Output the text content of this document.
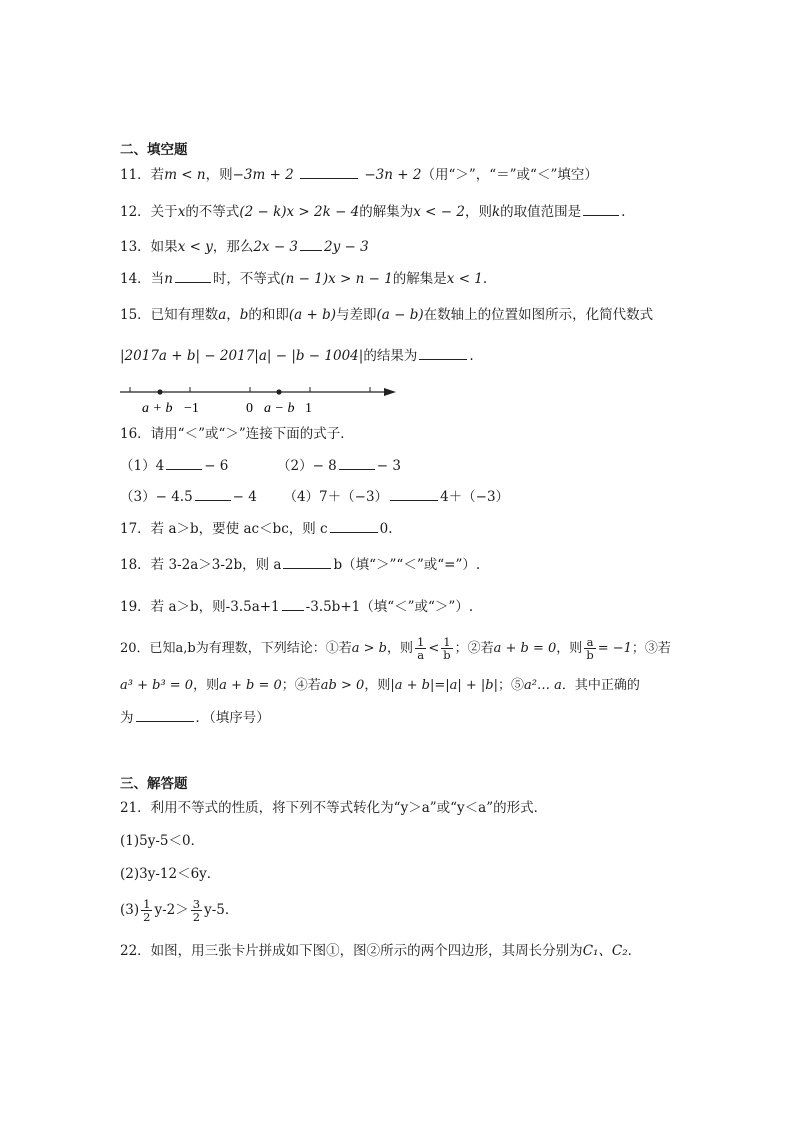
二、填空题
11．若m < n，则−3m + 2	−3n + 2（用“＞”，“＝”或“＜”填空）
12．关于x的不等式(2 − k)x > 2k − 4的解集为x < − 2，则k的取值范围是	.
13．如果x < y，那么2x − 3 2y − 3
14．当n	时，不等式(n − 1)x > n − 1的解集是x < 1.
15．已知有理数a，b的和即(a + b)与差即(a − b)在数轴上的位置如图所示，化简代数式
|2017a + b| − 2017|a| − |b − 1004|的结果为	.
a + b −1	0 a − b 1
16．请用“＜”或“＞”连接下面的式子．
（1）4	− 6	（2）− 8	− 3
（3）− 4.5	− 4 （4）7＋（−3）	4＋（−3）
17．若 a＞b，要使 ac＜bc，则 c	0.
18．若 3-2a＞3-2b，则 a	b（填“＞”“＜”或“=”）.
19．若 a＞b，则-3.5a+1 -3.5b+1（填“＜”或“＞”）.
20．已知a,b为有理数，下列结论：①若a > b，则 $\frac{1}{a} < \frac{1}{b}$ ；②若a + b = 0，则 $\frac{a}{b} = -1$；③若
a³ + b³ = 0，则a + b = 0；④若ab > 0，则|a + b|=|a| + |b|；⑤a²… a．其中正确的
为	．（填序号）
三、解答题
21．利用不等式的性质，将下列不等式转化为“y＞a”或“y＜a”的形式．
(1)5y-5＜0．
(2)3y-12＜6y．
$(3) \frac{1}{2} y-2> \frac{3}{2} y-5$．
22．如图，用三张卡片拼成如下图①，图②所示的两个四边形，其周长分别为C₁、C₂．
